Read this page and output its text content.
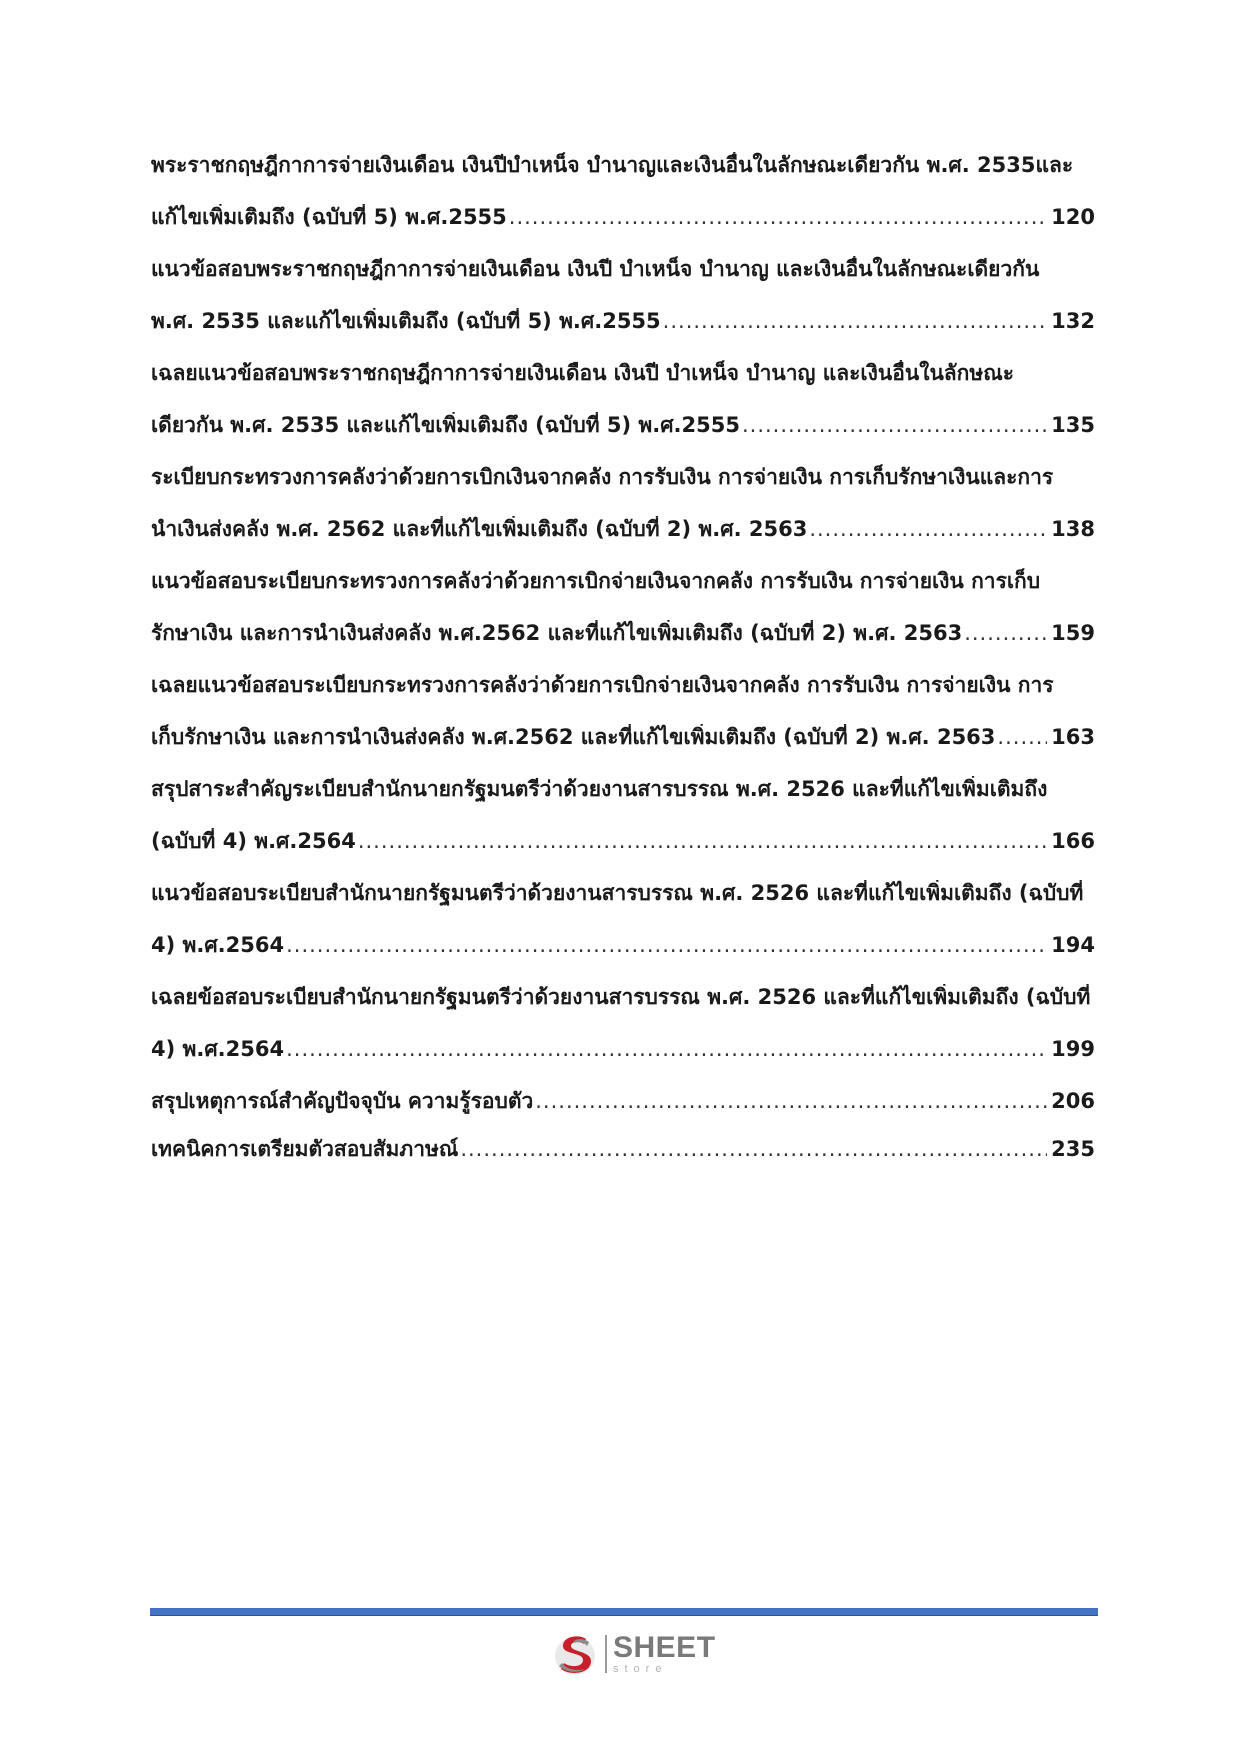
พระราชกฤษฎีกาการจ่ายเงินเดือน เงินปีบำเหน็จ บำนาญและเงินอื่นในลักษณะเดียวกัน พ.ศ. 2535และ
แก้ไขเพิ่มเติมถึง (ฉบับที่ 5) พ.ศ.2555 .....	120
แนวข้อสอบพระราชกฤษฎีกาการจ่ายเงินเดือน เงินปี บำเหน็จ บำนาญ และเงินอื่นในลักษณะเดียวกัน
พ.ศ. 2535 และแก้ไขเพิ่มเติมถึง (ฉบับที่ 5) พ.ศ.2555 .....	132
เฉลยแนวข้อสอบพระราชกฤษฎีกาการจ่ายเงินเดือน เงินปี บำเหน็จ บำนาญ และเงินอื่นในลักษณะ
เดียวกัน พ.ศ. 2535 และแก้ไขเพิ่มเติมถึง (ฉบับที่ 5) พ.ศ.2555 .....	135
ระเบียบกระทรวงการคลังว่าด้วยการเบิกเงินจากคลัง การรับเงิน การจ่ายเงิน การเก็บรักษาเงินและการ
นำเงินส่งคลัง พ.ศ. 2562 และที่แก้ไขเพิ่มเติมถึง (ฉบับที่ 2) พ.ศ. 2563 .....	138
แนวข้อสอบระเบียบกระทรวงการคลังว่าด้วยการเบิกจ่ายเงินจากคลัง การรับเงิน การจ่ายเงิน การเก็บ
รักษาเงิน และการนำเงินส่งคลัง พ.ศ.2562 และที่แก้ไขเพิ่มเติมถึง (ฉบับที่ 2) พ.ศ. 2563 .....	159
เฉลยแนวข้อสอบระเบียบกระทรวงการคลังว่าด้วยการเบิกจ่ายเงินจากคลัง การรับเงิน การจ่ายเงิน การ
เก็บรักษาเงิน และการนำเงินส่งคลัง พ.ศ.2562 และที่แก้ไขเพิ่มเติมถึง (ฉบับที่ 2) พ.ศ. 2563 .....	163
สรุปสาระสำคัญระเบียบสำนักนายกรัฐมนตรีว่าด้วยงานสารบรรณ พ.ศ. 2526 และที่แก้ไขเพิ่มเติมถึง
(ฉบับที่ 4) พ.ศ.2564 .....	166
แนวข้อสอบระเบียบสำนักนายกรัฐมนตรีว่าด้วยงานสารบรรณ พ.ศ. 2526 และที่แก้ไขเพิ่มเติมถึง (ฉบับที่
4) พ.ศ.2564 .....	194
เฉลยข้อสอบระเบียบสำนักนายกรัฐมนตรีว่าด้วยงานสารบรรณ พ.ศ. 2526 และที่แก้ไขเพิ่มเติมถึง (ฉบับที่
4) พ.ศ.2564 .....	199
สรุปเหตุการณ์สำคัญปัจจุบัน ความรู้รอบตัว .....	206
เทคนิคการเตรียมตัวสอบสัมภาษณ์ .....	235
SHEET
store
